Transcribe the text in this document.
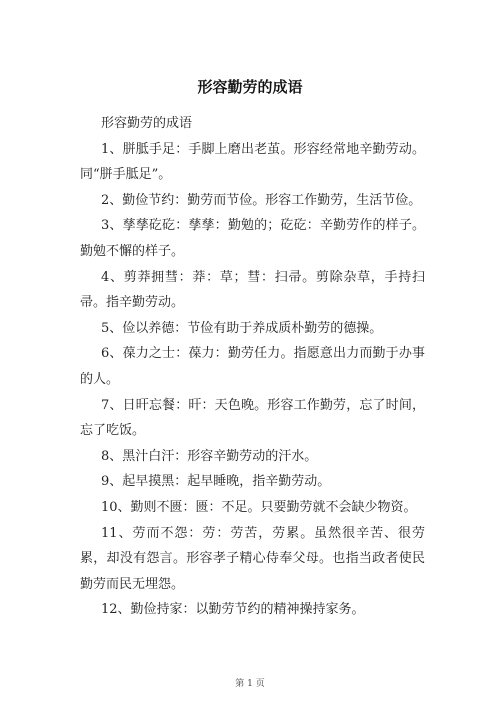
形容勤劳的成语

形容勤劳的成语

1、胼胝手足：手脚上磨出老茧。形容经常地辛勤劳动。同“胼手胝足”。

2、勤俭节约：勤劳而节俭。形容工作勤劳，生活节俭。

3、孳孳矻矻：孳孳：勤勉的；矻矻：辛勤劳作的样子。勤勉不懈的样子。

4、剪莽拥彗：莽：草；彗：扫帚。剪除杂草，手持扫帚。指辛勤劳动。

5、俭以养德：节俭有助于养成质朴勤劳的德操。

6、葆力之士：葆力：勤劳任力。指愿意出力而勤于办事的人。

7、日旰忘餐：旰：天色晚。形容工作勤劳，忘了时间，忘了吃饭。

8、黑汁白汗：形容辛勤劳动的汗水。

9、起早摸黑：起早睡晚，指辛勤劳动。

10、勤则不匮：匮：不足。只要勤劳就不会缺少物资。

11、劳而不怨：劳：劳苦，劳累。虽然很辛苦、很劳累，却没有怨言。形容孝子精心侍奉父母。也指当政者使民勤劳而民无埋怨。

12、勤俭持家：以勤劳节约的精神操持家务。

第 1 页
